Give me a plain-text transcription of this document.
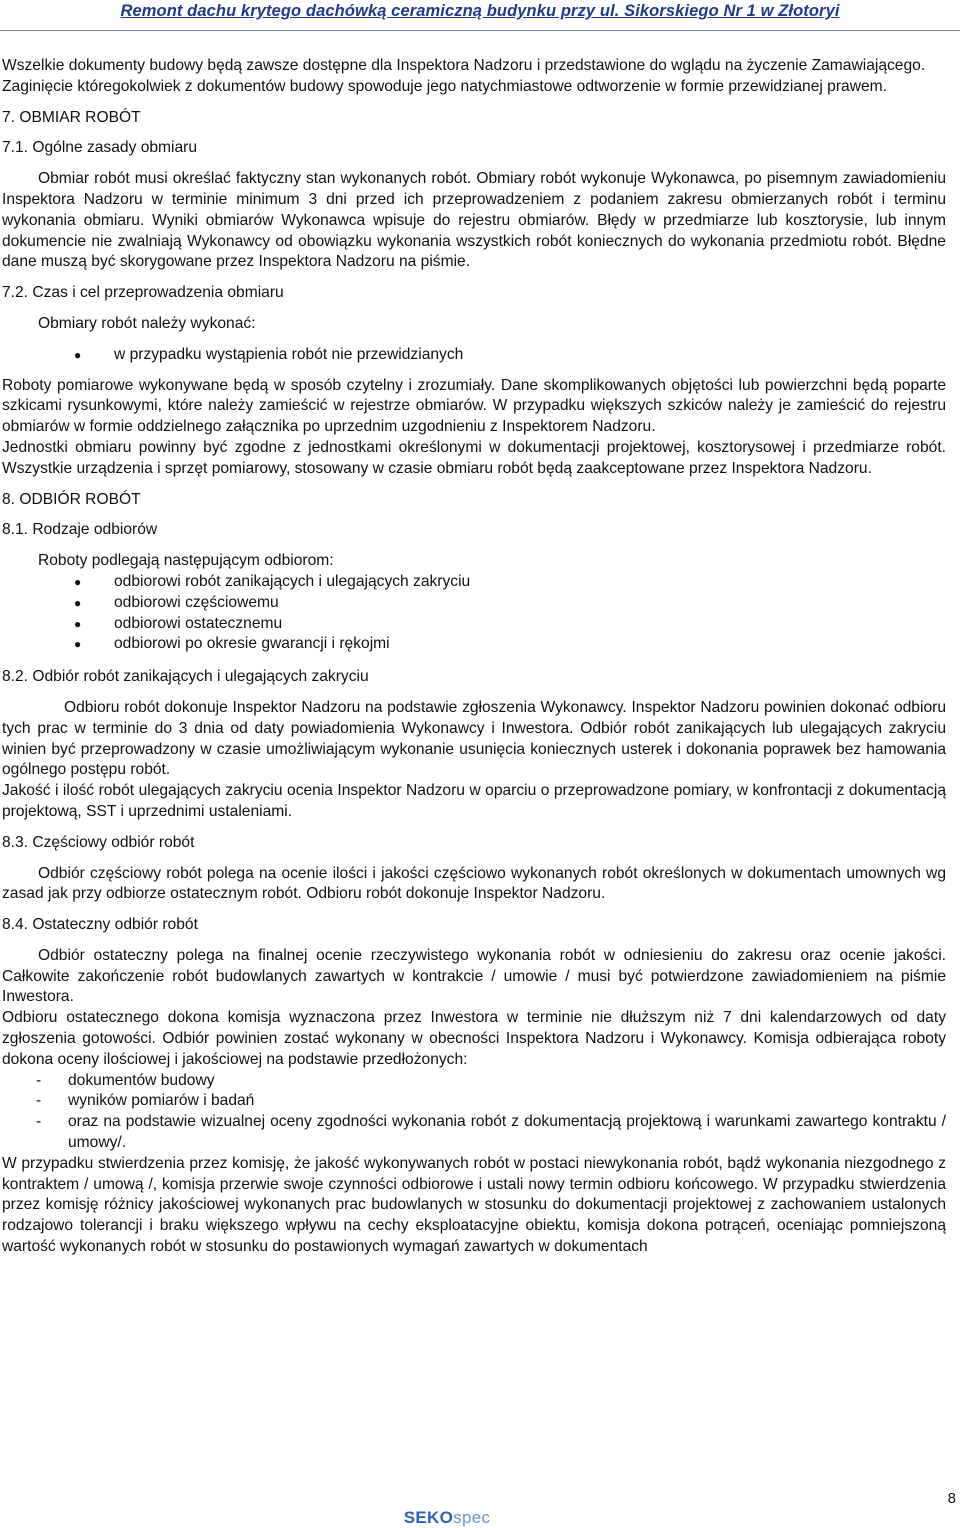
Remont dachu krytego dachówką ceramiczną budynku przy ul. Sikorskiego Nr 1 w Złotoryi

Wszelkie dokumenty budowy będą zawsze dostępne dla Inspektora Nadzoru i przedstawione do wglądu na życzenie Zamawiającego.

Zaginięcie któregokolwiek z dokumentów budowy spowoduje jego natychmiastowe odtworzenie w formie przewidzianej prawem.

7. OBMIAR ROBÓT

7.1. Ogólne zasady obmiaru

Obmiar robót musi określać faktyczny stan wykonanych robót. Obmiary robót wykonuje Wykonawca, po pisemnym zawiadomieniu Inspektora Nadzoru w terminie minimum 3 dni przed ich przeprowadzeniem z podaniem zakresu obmierzanych robót i terminu wykonania obmiaru. Wyniki obmiarów Wykonawca wpisuje do rejestru obmiarów. Błędy w przedmiarze lub kosztorysie, lub innym dokumencie nie zwalniają Wykonawcy od obowiązku wykonania wszystkich robót koniecznych do wykonania przedmiotu robót. Błędne dane muszą być skorygowane przez Inspektora Nadzoru na piśmie.

7.2. Czas i cel przeprowadzenia obmiaru

Obmiary robót należy wykonać:

● w przypadku wystąpienia robót nie przewidzianych

Roboty pomiarowe wykonywane będą w sposób czytelny i zrozumiały. Dane skomplikowanych objętości lub powierzchni będą poparte szkicami rysunkowymi, które należy zamieścić w rejestrze obmiarów. W przypadku większych szkiców należy je zamieścić do rejestru obmiarów w formie oddzielnego załącznika po uprzednim uzgodnieniu z Inspektorem Nadzoru.

Jednostki obmiaru powinny być zgodne z jednostkami określonymi w dokumentacji projektowej, kosztorysowej i przedmiarze robót. Wszystkie urządzenia i sprzęt pomiarowy, stosowany w czasie obmiaru robót będą zaakceptowane przez Inspektora Nadzoru.

8. ODBIÓR ROBÓT

8.1. Rodzaje odbiorów

Roboty podlegają następującym odbiorom:

● odbiorowi robót zanikających i ulegających zakryciu
● odbiorowi częściowemu
● odbiorowi ostatecznemu
● odbiorowi po okresie gwarancji i rękojmi

8.2. Odbiór robót zanikających i ulegających zakryciu

Odbioru robót dokonuje Inspektor Nadzoru na podstawie zgłoszenia Wykonawcy. Inspektor Nadzoru powinien dokonać odbioru tych prac w terminie do 3 dnia od daty powiadomienia Wykonawcy i Inwestora. Odbiór robót zanikających lub ulegających zakryciu winien być przeprowadzony w czasie umożliwiającym wykonanie usunięcia koniecznych usterek i dokonania poprawek bez hamowania ogólnego postępu robót.

Jakość i ilość robót ulegających zakryciu ocenia Inspektor Nadzoru w oparciu o przeprowadzone pomiary, w konfrontacji z dokumentacją projektową, SST i uprzednimi ustaleniami.

8.3. Częściowy odbiór robót

Odbiór częściowy robót polega na ocenie ilości i jakości częściowo wykonanych robót określonych w dokumentach umownych wg zasad jak przy odbiorze ostatecznym robót. Odbioru robót dokonuje Inspektor Nadzoru.

8.4. Ostateczny odbiór robót

Odbiór ostateczny polega na finalnej ocenie rzeczywistego wykonania robót w odniesieniu do zakresu oraz ocenie jakości. Całkowite zakończenie robót budowlanych zawartych w kontrakcie / umowie / musi być potwierdzone zawiadomieniem na piśmie Inwestora.

Odbioru ostatecznego dokona komisja wyznaczona przez Inwestora w terminie nie dłuższym niż 7 dni kalendarzowych od daty zgłoszenia gotowości. Odbiór powinien zostać wykonany w obecności Inspektora Nadzoru i Wykonawcy. Komisja odbierająca roboty dokona oceny ilościowej i jakościowej na podstawie przedłożonych:

- dokumentów budowy
- wyników pomiarów i badań
- oraz na podstawie wizualnej oceny zgodności wykonania robót z dokumentacją projektową i warunkami zawartego kontraktu / umowy/.

W przypadku stwierdzenia przez komisję, że jakość wykonywanych robót w postaci niewykonania robót, bądź wykonania niezgodnego z kontraktem / umową /, komisja przerwie swoje czynności odbiorowe i ustali nowy termin odbioru końcowego. W przypadku stwierdzenia przez komisję różnicy jakościowej wykonanych prac budowlanych w stosunku do dokumentacji projektowej z zachowaniem ustalonych rodzajowo tolerancji i braku większego wpływu na cechy eksploatacyjne obiektu, komisja dokona potrąceń, oceniając pomniejszoną wartość wykonanych robót w stosunku do postawionych wymagań zawartych w dokumentach

8
SEKOspec
